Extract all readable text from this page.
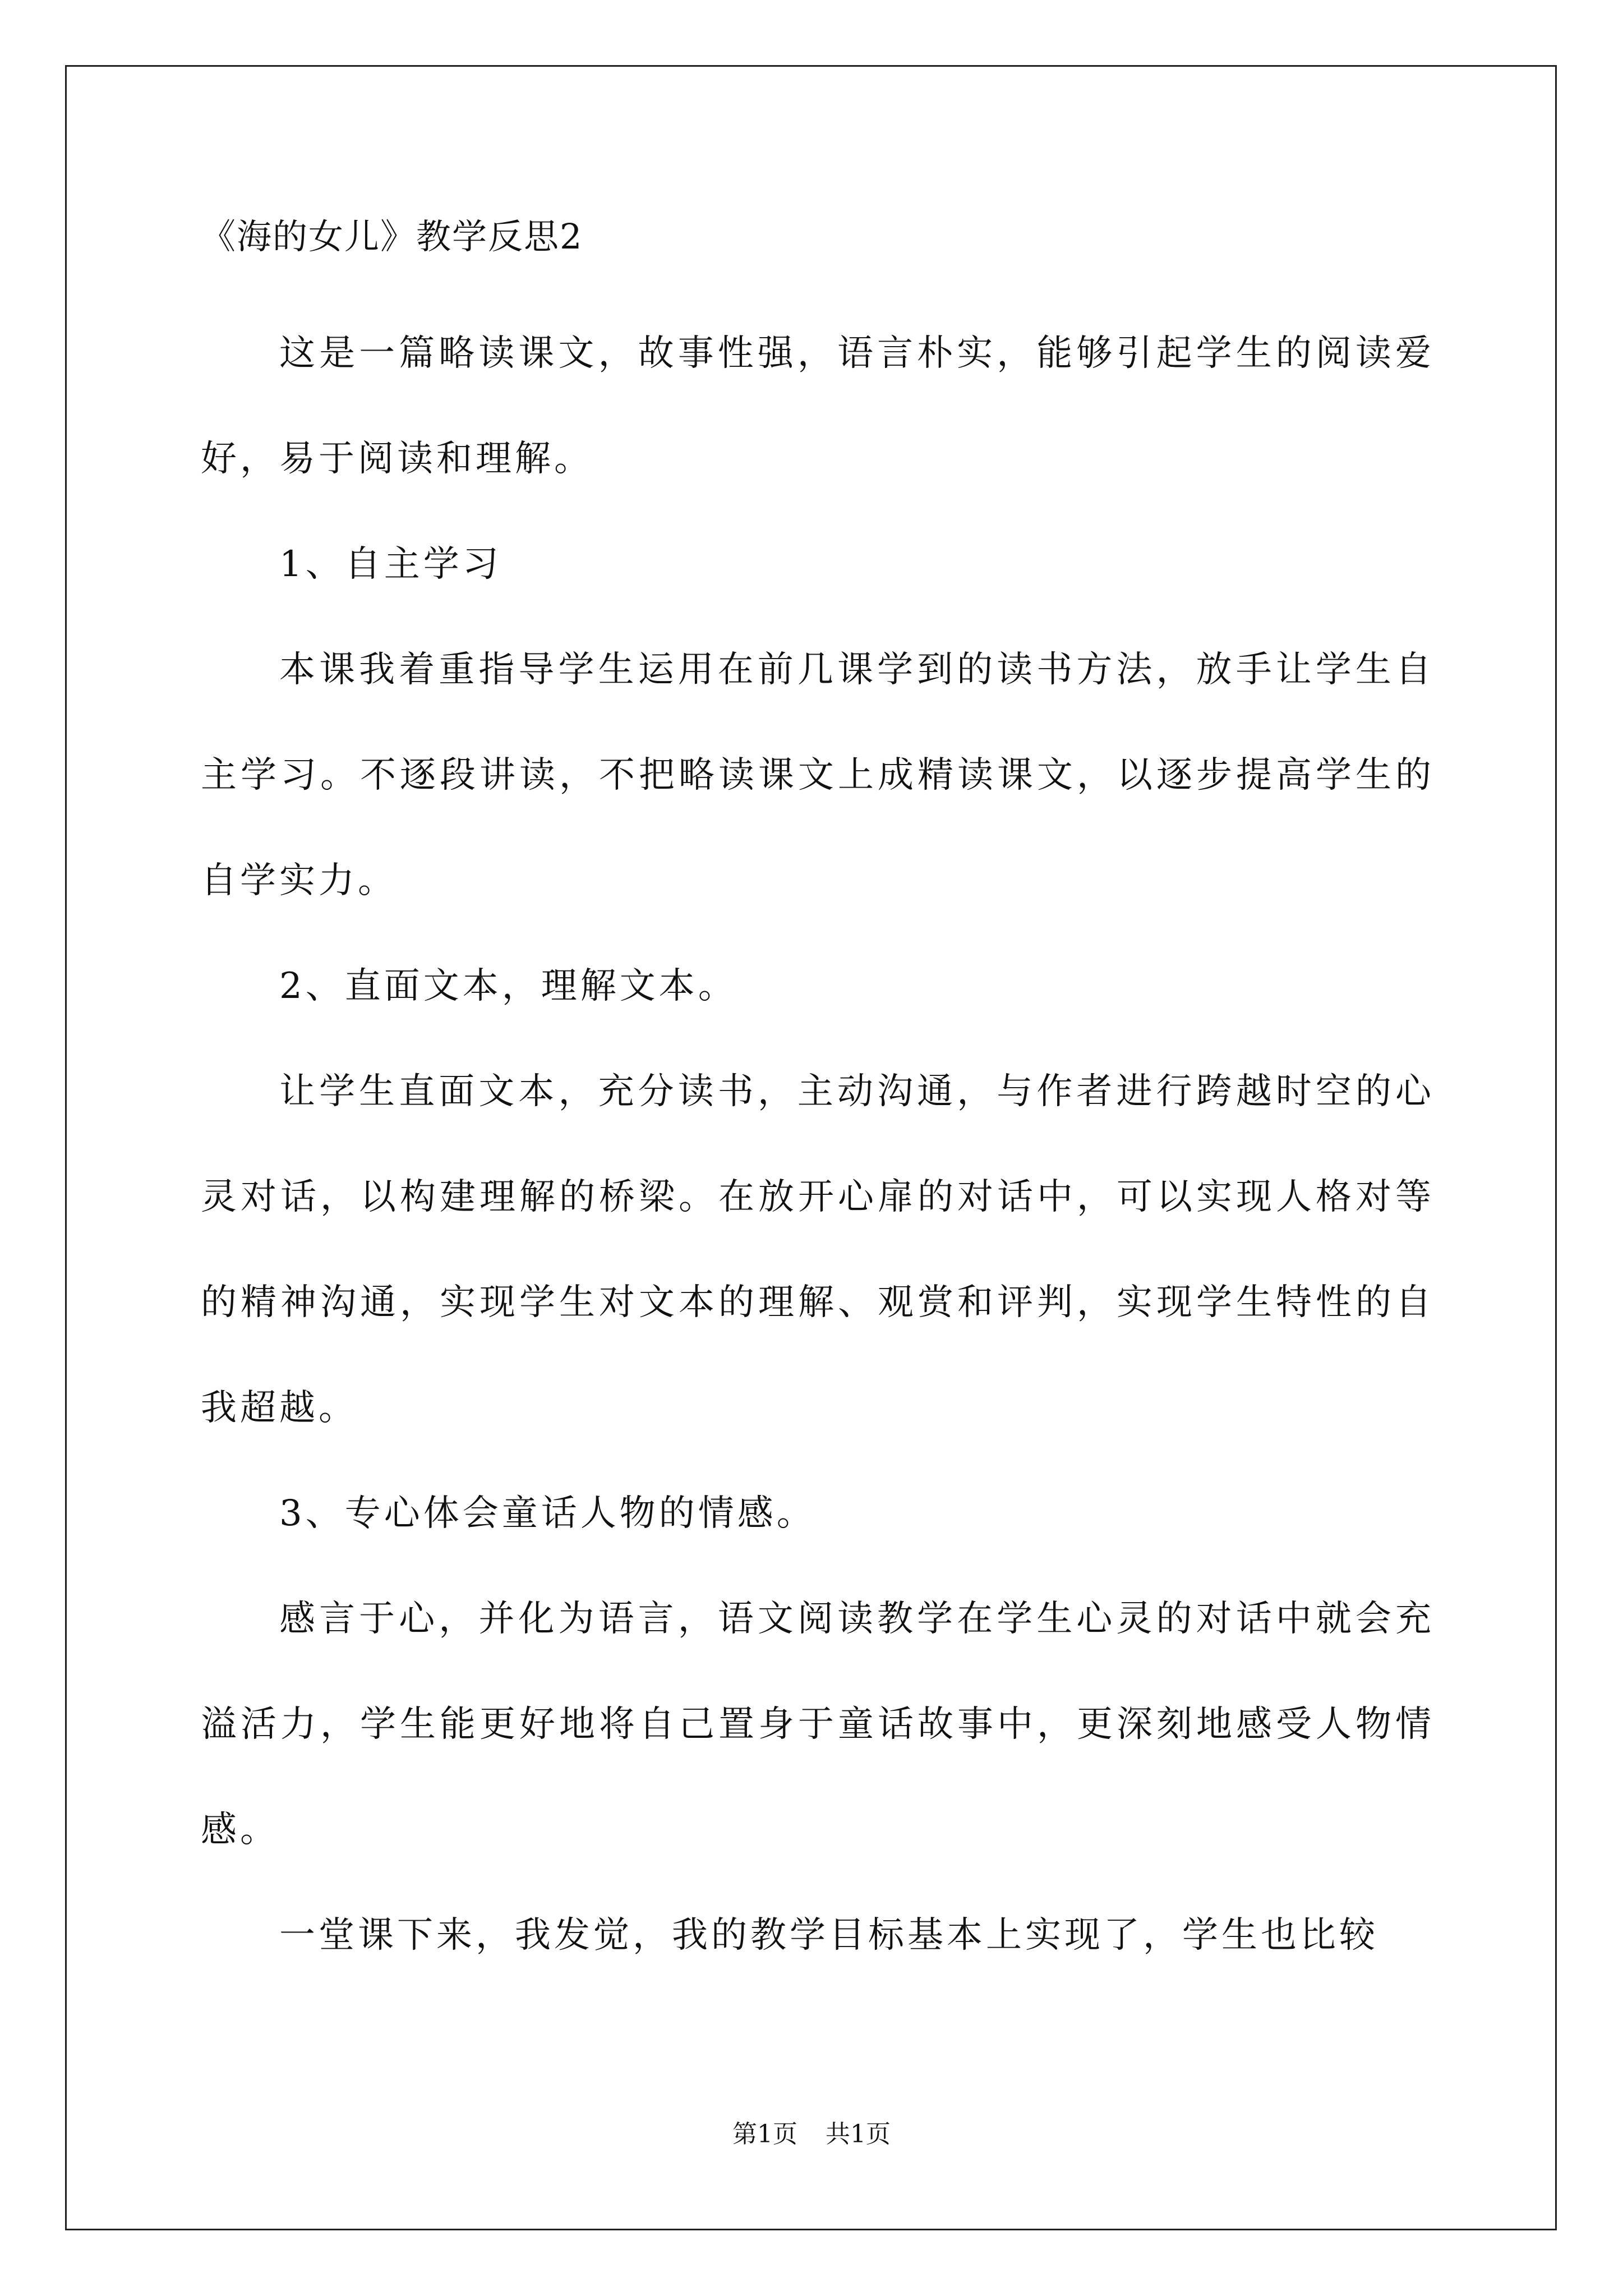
《海的女儿》教学反思2

这是一篇略读课文，故事性强，语言朴实，能够引起学生的阅读爱好，易于阅读和理解。

1、自主学习

本课我着重指导学生运用在前几课学到的读书方法，放手让学生自主学习。不逐段讲读，不把略读课文上成精读课文，以逐步提高学生的自学实力。

2、直面文本，理解文本。

让学生直面文本，充分读书，主动沟通，与作者进行跨越时空的心灵对话，以构建理解的桥梁。在放开心扉的对话中，可以实现人格对等的精神沟通，实现学生对文本的理解、观赏和评判，实现学生特性的自我超越。

3、专心体会童话人物的情感。

感言于心，并化为语言，语文阅读教学在学生心灵的对话中就会充溢活力，学生能更好地将自己置身于童话故事中，更深刻地感受人物情感。

一堂课下来，我发觉，我的教学目标基本上实现了，学生也比较

第1页 共1页
